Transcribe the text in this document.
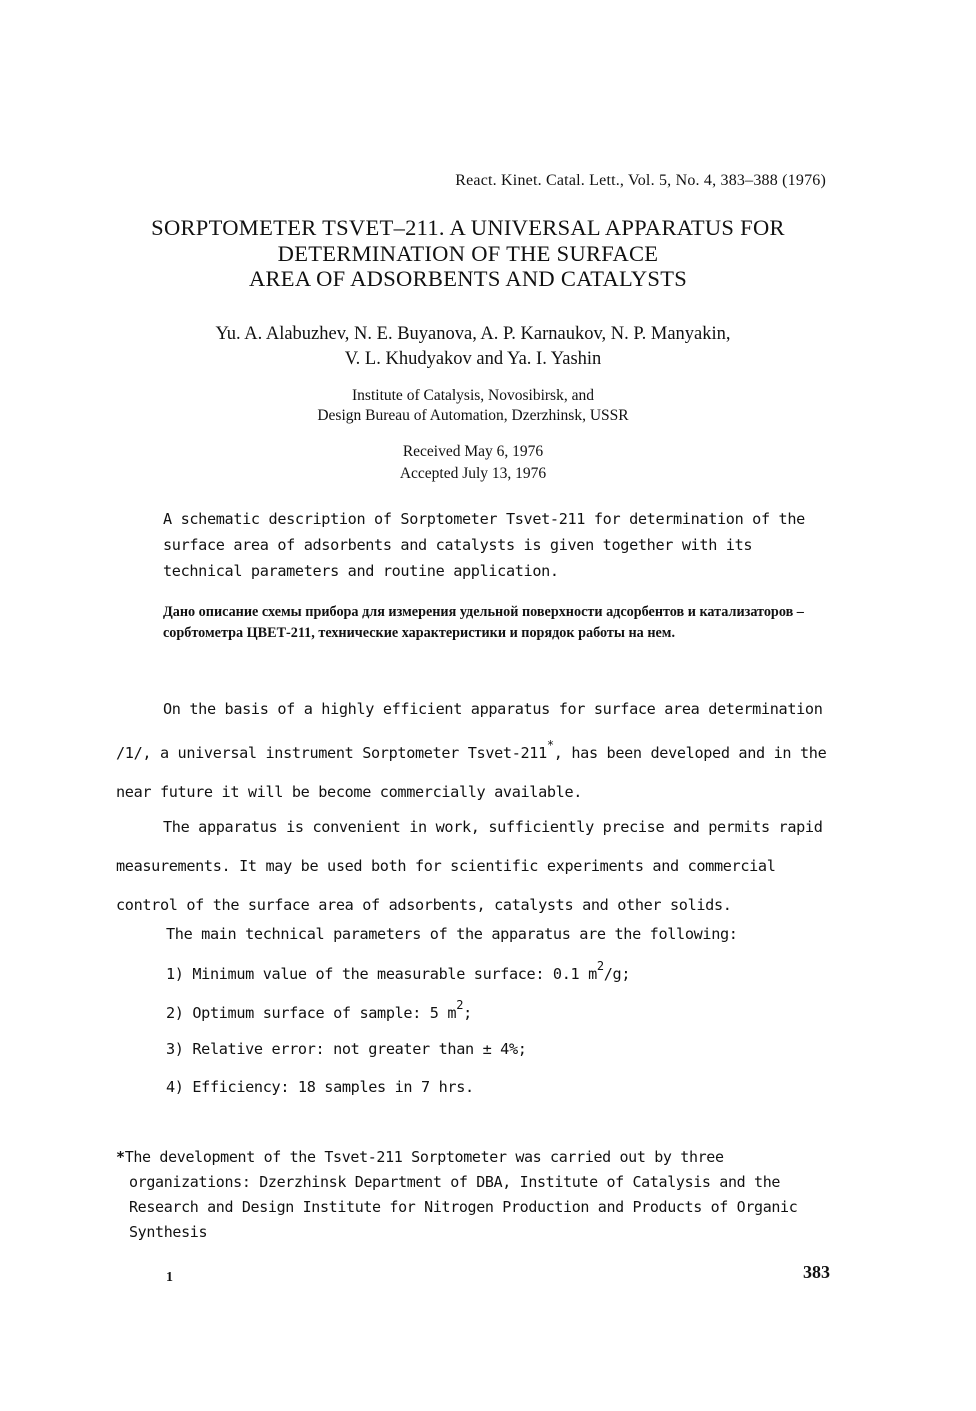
React. Kinet. Catal. Lett., Vol. 5, No. 4, 383–388 (1976)
SORPTOMETER TSVET–211. A UNIVERSAL APPARATUS FOR
DETERMINATION OF THE SURFACE
AREA OF ADSORBENTS AND CATALYSTS
Yu. A. Alabuzhev, N. E. Buyanova, A. P. Karnaukov, N. P. Manyakin,
V. L. Khudyakov and Ya. I. Yashin
Institute of Catalysis, Novosibirsk, and
Design Bureau of Automation, Dzerzhinsk, USSR
Received May 6, 1976
Accepted July 13, 1976
A schematic description of Sorptometer Tsvet-211 for determination of the surface area of adsorbents and catalysts is given together with its technical parameters and routine application.
Дано описание схемы прибора для измерения удельной поверхности адсорбентов и катализаторов – сорбтометра ЦВЕТ-211, технические характеристики и порядок работы на нем.
On the basis of a highly efficient apparatus for surface area determination /1/, a universal instrument Sorptometer Tsvet-211*, has been developed and in the near future it will be become commercially available.
The apparatus is convenient in work, sufficiently precise and permits rapid measurements. It may be used both for scientific experiments and commercial control of the surface area of adsorbents, catalysts and other solids.
The main technical parameters of the apparatus are the following:
1) Minimum value of the measurable surface: 0.1 $m^2/g$;
2) Optimum surface of sample: 5 $m^2$;
3) Relative error: not greater than ± 4%;
4) Efficiency: 18 samples in 7 hrs.
*The development of the Tsvet-211 Sorptometer was carried out by three organizations: Dzerzhinsk Department of DBA, Institute of Catalysis and the Research and Design Institute for Nitrogen Production and Products of Organic Synthesis
1	383
